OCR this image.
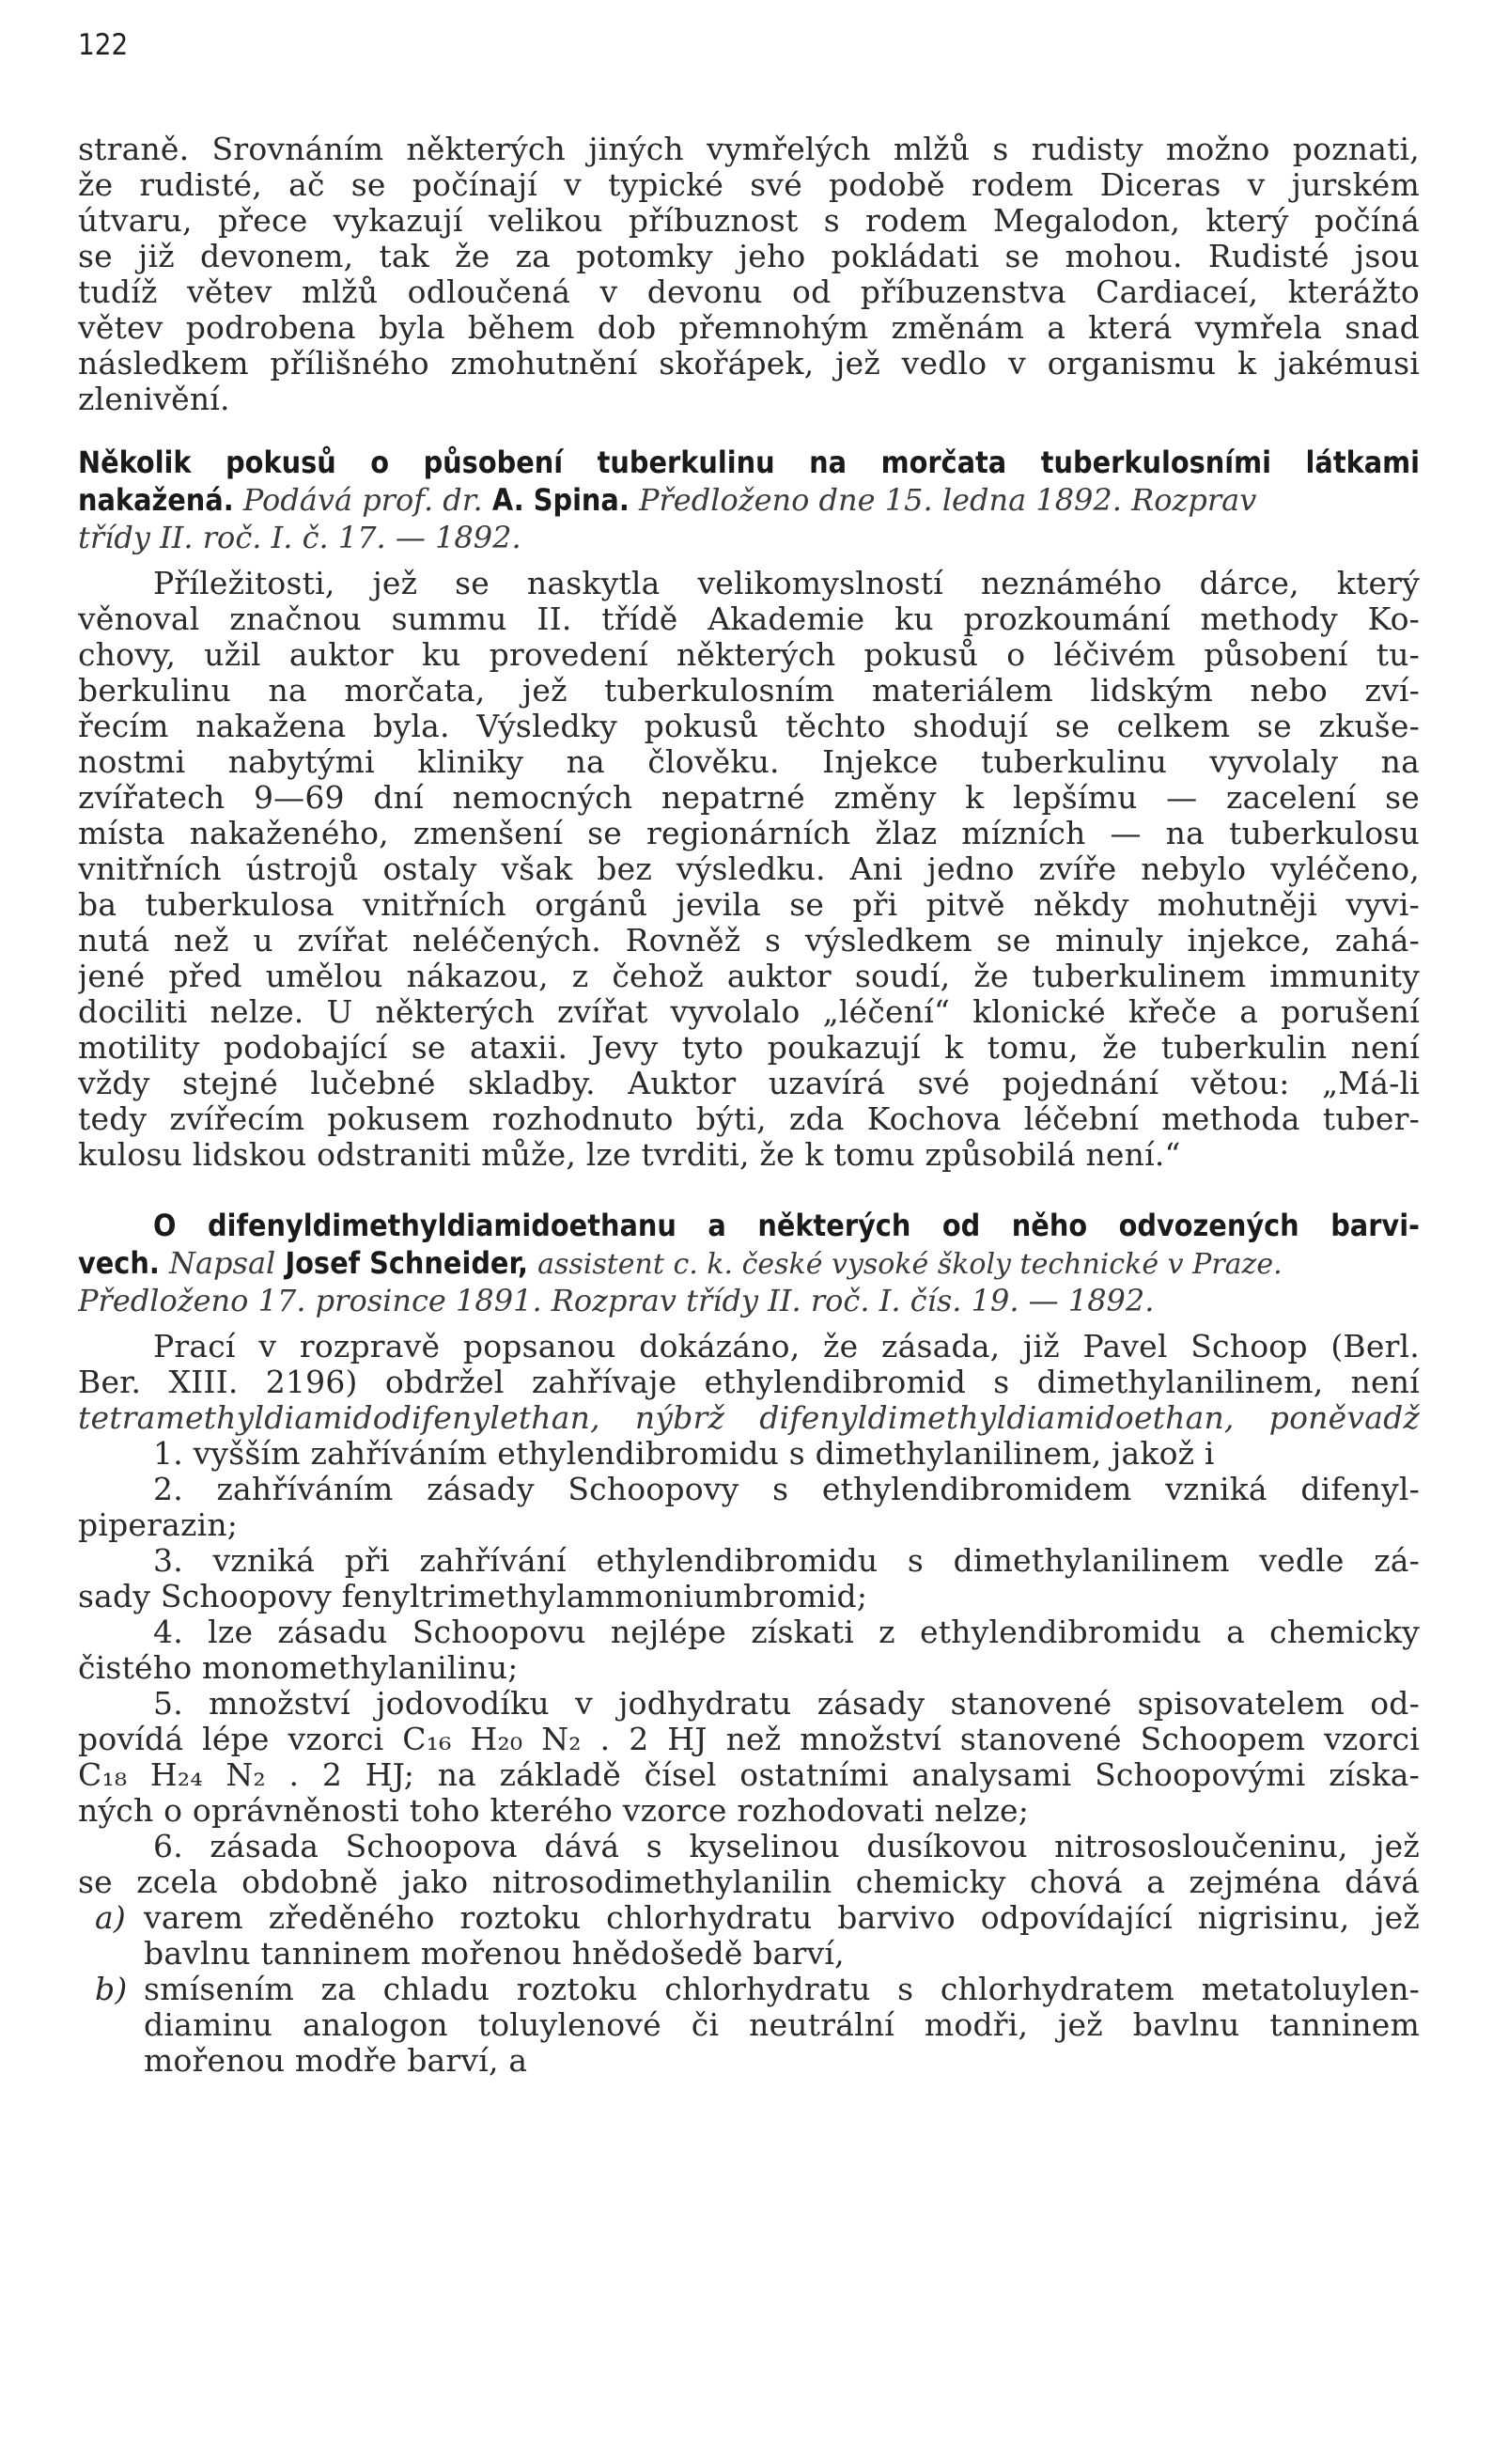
122
straně. Srovnáním některých jiných vymřelých mlžů s rudisty možno poznati,
že rudisté, ač se počínají v typické své podobě rodem Diceras v jurském
útvaru, přece vykazují velikou příbuznost s rodem Megalodon, který počíná
se již devonem, tak že za potomky jeho pokládati se mohou. Rudisté jsou
tudíž větev mlžů odloučená v devonu od příbuzenstva Cardiaceí, kterážto
větev podrobena byla během dob přemnohým změnám a která vymřela snad
následkem přílišného zmohutnění skořápek, jež vedlo v organismu k jakémusi
zlenivění.
Několik pokusů o působení tuberkulinu na morčata tuberkulosními látkami
nakažená. Podává prof. dr. A. Spina. Předloženo dne 15. ledna 1892. Rozprav
třídy II. roč. I. č. 17. — 1892.
Příležitosti, jež se naskytla velikomyslností neznámého dárce, který
věnoval značnou summu II. třídě Akademie ku prozkoumání methody Ko-
chovy, užil auktor ku provedení některých pokusů o léčivém působení tu-
berkulinu na morčata, jež tuberkulosním materiálem lidským nebo zví-
řecím nakažena byla. Výsledky pokusů těchto shodují se celkem se zkuše-
nostmi nabytými kliniky na člověku. Injekce tuberkulinu vyvolaly na
zvířatech 9—69 dní nemocných nepatrné změny k lepšímu — zacelení se
místa nakaženého, zmenšení se regionárních žlaz mízních — na tuberkulosu
vnitřních ústrojů ostaly však bez výsledku. Ani jedno zvíře nebylo vyléčeno,
ba tuberkulosa vnitřních orgánů jevila se při pitvě někdy mohutněji vyvi-
nutá než u zvířat neléčených. Rovněž s výsledkem se minuly injekce, zahá-
jené před umělou nákazou, z čehož auktor soudí, že tuberkulinem immunity
dociliti nelze. U některých zvířat vyvolalo „léčení“ klonické křeče a porušení
motility podobající se ataxii. Jevy tyto poukazují k tomu, že tuberkulin není
vždy stejné lučebné skladby. Auktor uzavírá své pojednání větou: „Má-li
tedy zvířecím pokusem rozhodnuto býti, zda Kochova léčební methoda tuber-
kulosu lidskou odstraniti může, lze tvrditi, že k tomu způsobilá není.“
O difenyldimethyldiamidoethanu a některých od něho odvozených barvi-
vech. Napsal Josef Schneider, assistent c. k. české vysoké školy technické v Praze.
Předloženo 17. prosince 1891. Rozprav třídy II. roč. I. čís. 19. — 1892.
Prací v rozpravě popsanou dokázáno, že zásada, již Pavel Schoop (Berl.
Ber. XIII. 2196) obdržel zahřívaje ethylendibromid s dimethylanilinem, není
tetramethyldiamidodifenylethan, nýbrž difenyldimethyldiamidoethan, poněvadž
1. vyšším zahříváním ethylendibromidu s dimethylanilinem, jakož i
2. zahříváním zásady Schoopovy s ethylendibromidem vzniká difenyl-
piperazin;
3. vzniká při zahřívání ethylendibromidu s dimethylanilinem vedle zá-
sady Schoopovy fenyltrimethylammoniumbromid;
4. lze zásadu Schoopovu nejlépe získati z ethylendibromidu a chemicky
čistého monomethylanilinu;
5. množství jodovodíku v jodhydratu zásady stanovené spisovatelem od-
povídá lépe vzorci C₁₆ H₂₀ N₂ . 2 HJ než množství stanovené Schoopem vzorci
C₁₈ H₂₄ N₂ . 2 HJ; na základě čísel ostatními analysami Schoopovými získa-
ných o oprávněnosti toho kterého vzorce rozhodovati nelze;
6. zásada Schoopova dává s kyselinou dusíkovou nitrososloučeninu, jež
se zcela obdobně jako nitrosodimethylanilin chemicky chová a zejména dává
a) varem zředěného roztoku chlorhydratu barvivo odpovídající nigrisinu, jež
bavlnu tanninem mořenou hnědošedě barví,
b) smísením za chladu roztoku chlorhydratu s chlorhydratem metatoluylen-
diaminu analogon toluylenové či neutrální modři, jež bavlnu tanninem
mořenou modře barví, a
